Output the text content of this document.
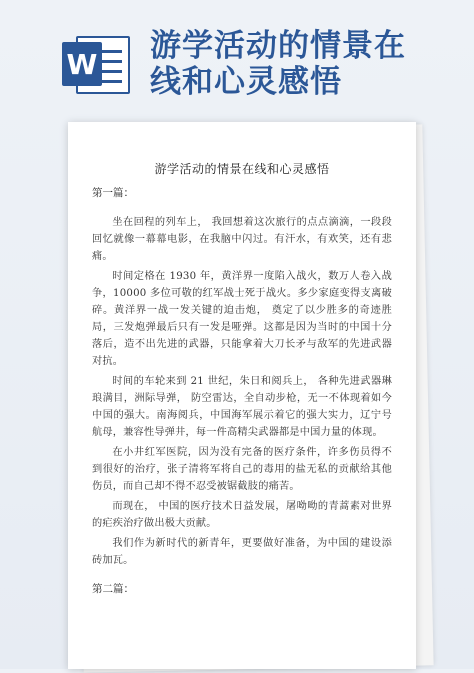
W 游学活动的情景在
线和心灵感悟
游学活动的情景在线和心灵感悟
第一篇：

坐在回程的列车上， 我回想着这次旅行的点点滴滴，一段段回忆就像一幕幕电影，在我脑中闪过。有汗水，有欢笑，还有悲痛。

时间定格在 1930 年，黄洋界一度陷入战火，数万人卷入战争，10000 多位可敬的红军战士死于战火。多少家庭变得支离破碎。黄洋界一战一发关键的迫击炮， 奠定了以少胜多的奇迹胜局，三发炮弹最后只有一发是哑弹。这都是因为当时的中国十分落后，造不出先进的武器，只能拿着大刀长矛与敌军的先进武器对抗。

时间的车轮来到 21 世纪，朱日和阅兵上， 各种先进武器琳琅满目，洲际导弹， 防空雷达，全自动步枪，无一不体现着如今中国的强大。南海阅兵，中国海军展示着它的强大实力，辽宁号航母，兼容性导弹井，每一件高精尖武器都是中国力量的体现。

在小井红军医院，因为没有完备的医疗条件，许多伤员得不到很好的治疗，张子清将军将自己的毒用的盐无私的贡献给其他伤员，而自己却不得不忍受被锯截肢的痛苦。

而现在， 中国的医疗技术日益发展，屠呦呦的青蒿素对世界的疟疾治疗做出极大贡献。

我们作为新时代的新青年，更要做好准备，为中国的建设添砖加瓦。

第二篇：
